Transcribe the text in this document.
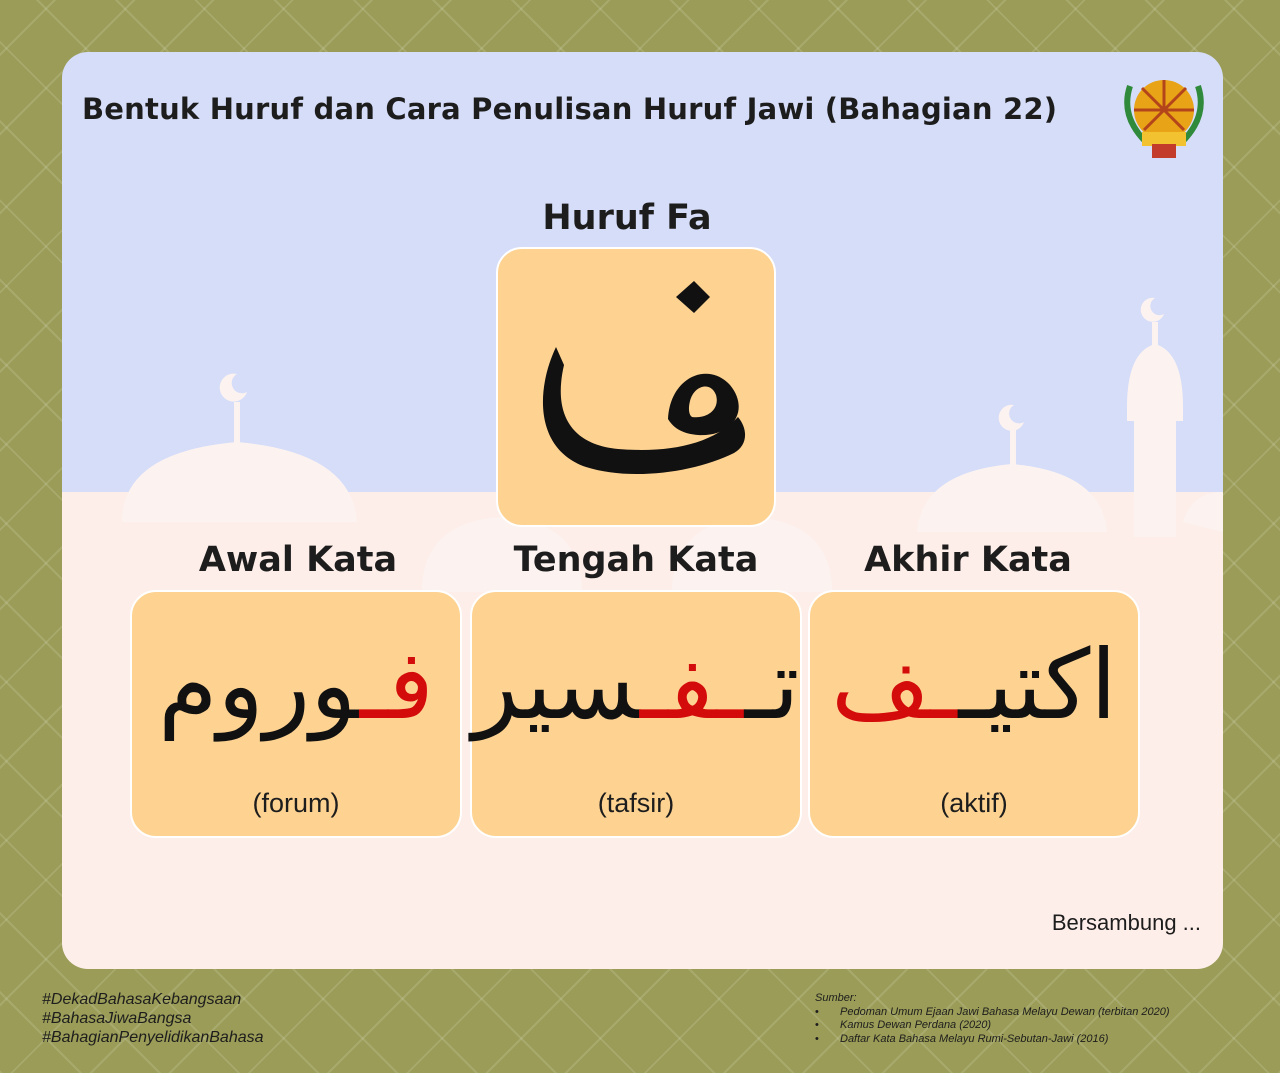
Bentuk Huruf dan Cara Penulisan Huruf Jawi (Bahagian 22)
Huruf Fa
Awal Kata
فـوروم
(forum)
Tengah Kata
تــفـسير
(tafsir)
Akhir Kata
اكتيــف
(aktif)
Bersambung ...
#DekadBahasaKebangsaan
#BahasaJiwaBangsa
#BahagianPenyelidikanBahasa
Sumber:
• Pedoman Umum Ejaan Jawi Bahasa Melayu Dewan (terbitan 2020)
• Kamus Dewan Perdana (2020)
• Daftar Kata Bahasa Melayu Rumi-Sebutan-Jawi (2016)
